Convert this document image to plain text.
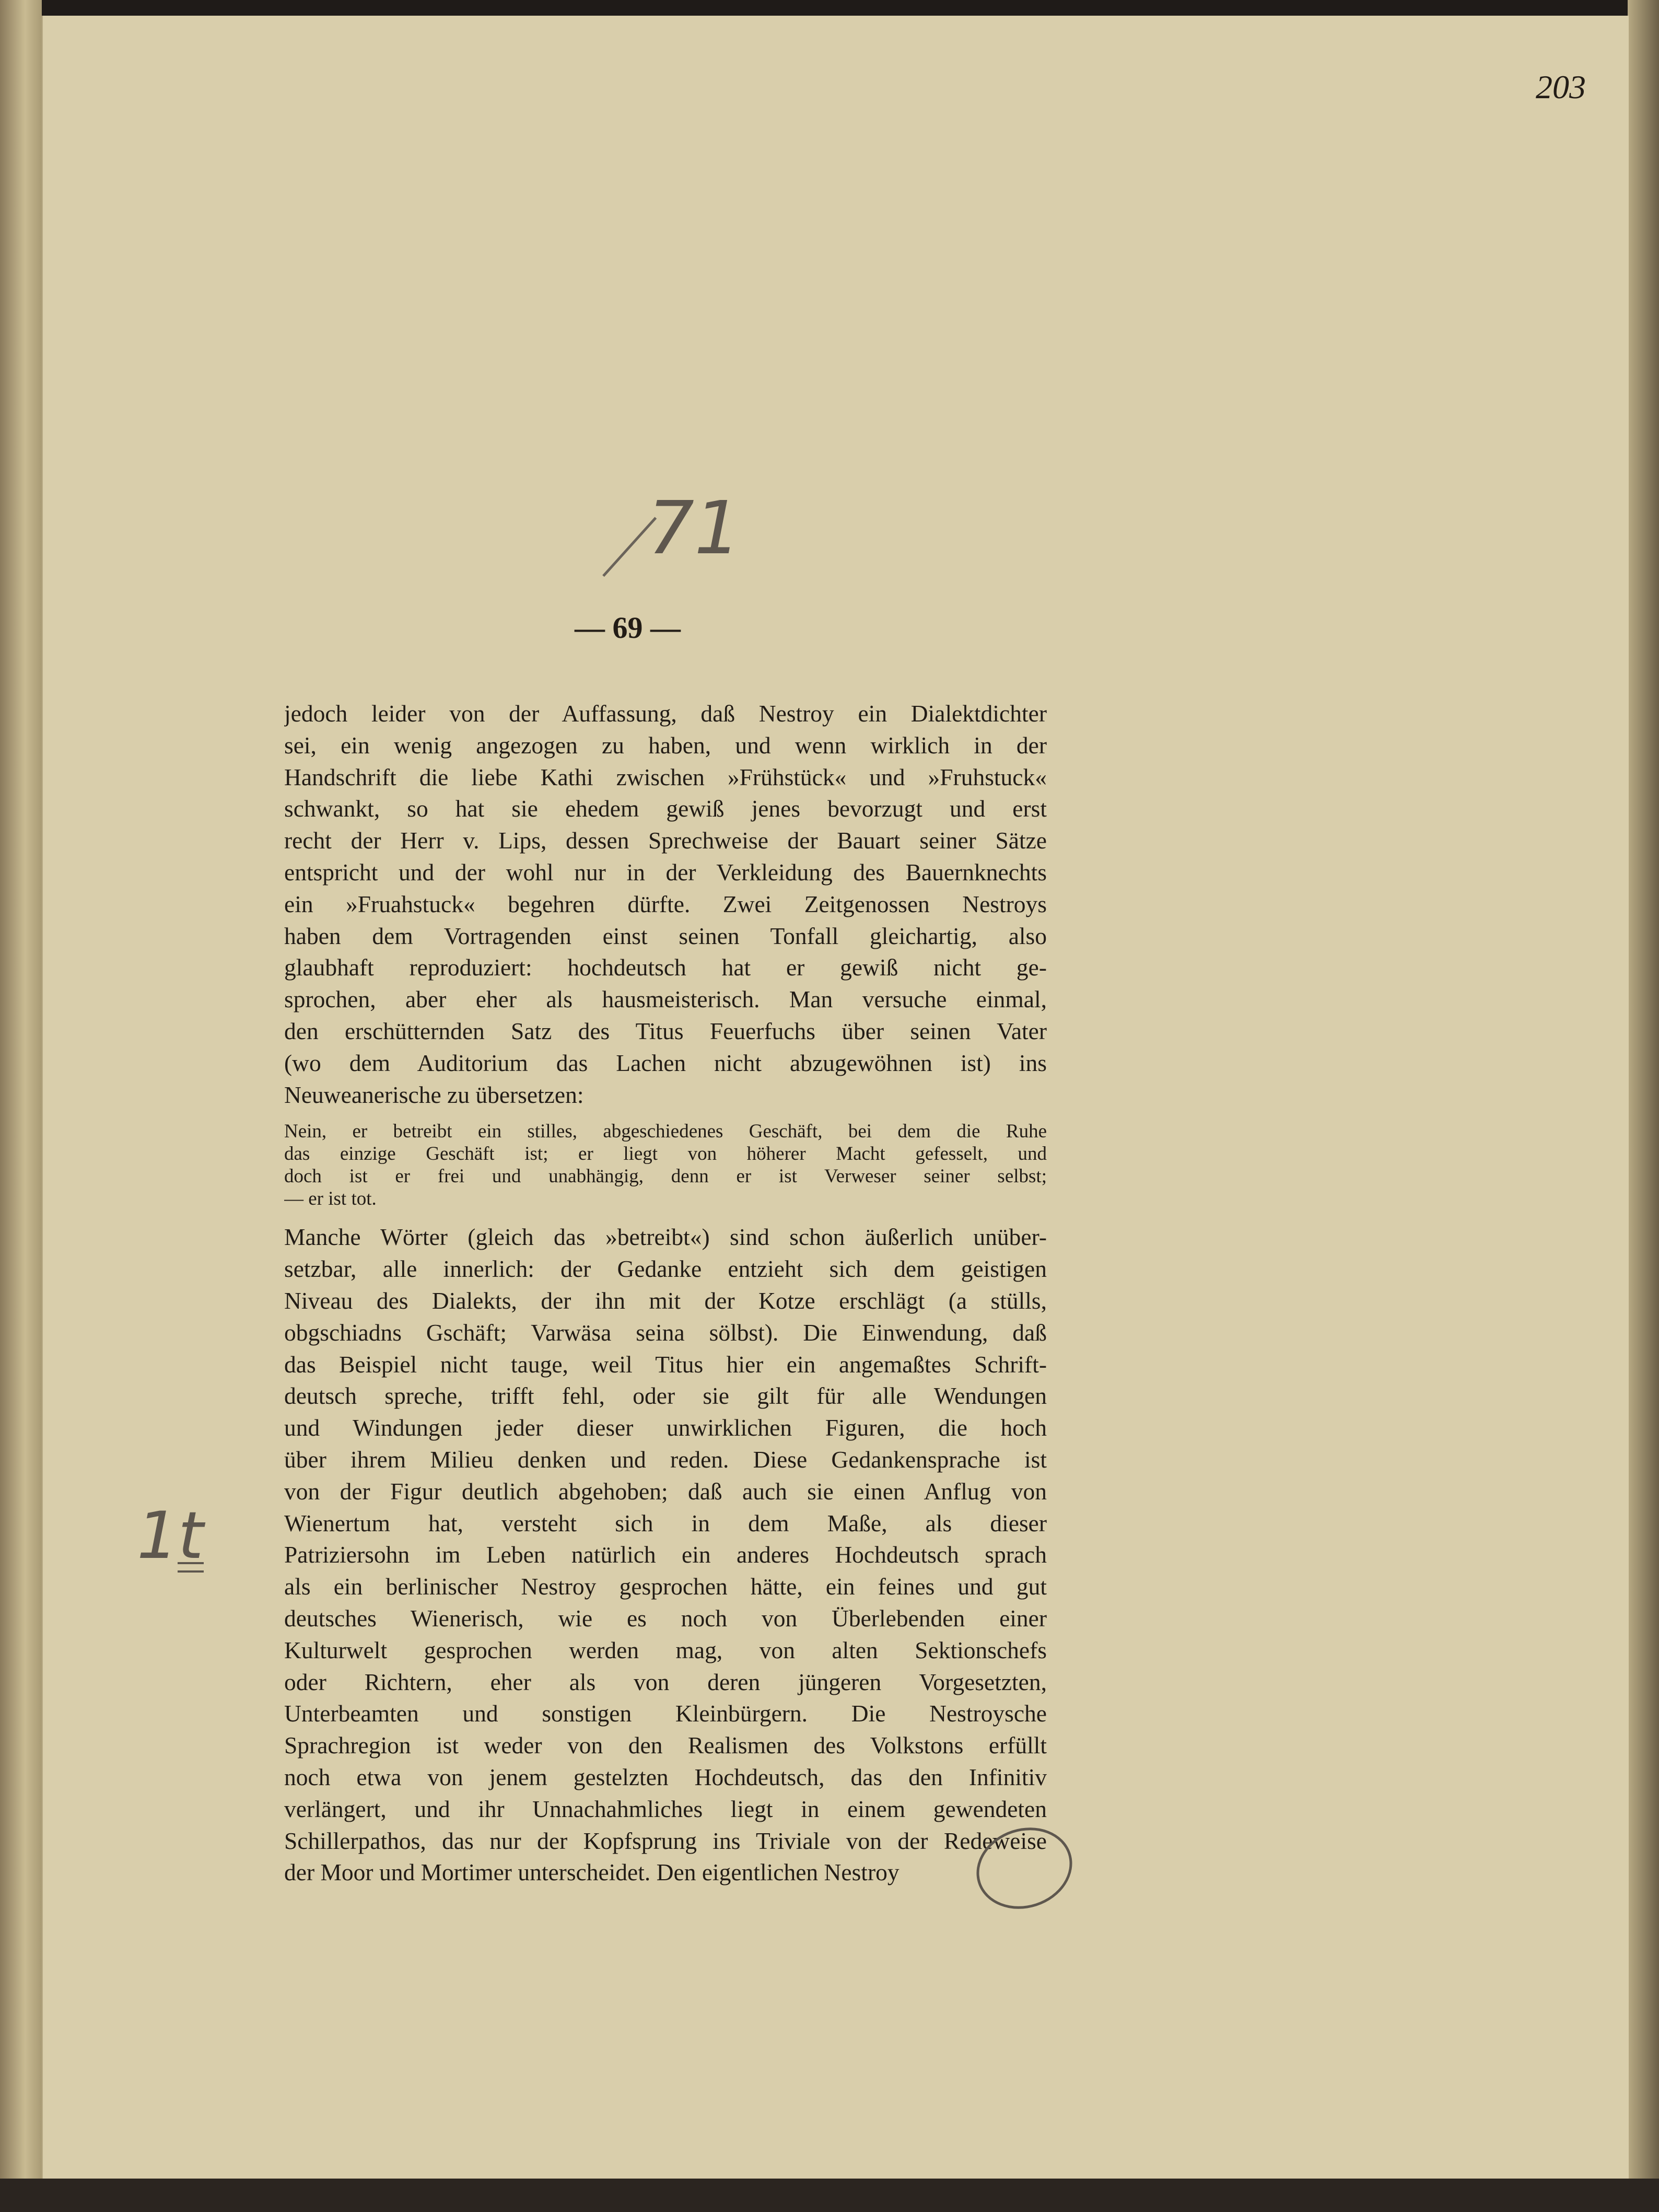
203
71
— 69 —
jedoch leider von der Auffassung, daß Nestroy ein Dialektdichter
sei, ein wenig angezogen zu haben, und wenn wirklich in der
Handschrift die liebe Kathi zwischen »Frühstück« und »Fruhstuck«
schwankt, so hat sie ehedem gewiß jenes bevorzugt und erst
recht der Herr v. Lips, dessen Sprechweise der Bauart seiner Sätze
entspricht und der wohl nur in der Verkleidung des Bauernknechts
ein »Fruahstuck« begehren dürfte. Zwei Zeitgenossen Nestroys
haben dem Vortragenden einst seinen Tonfall gleichartig, also
glaubhaft reproduziert: hochdeutsch hat er gewiß nicht ge-
sprochen, aber eher als hausmeisterisch. Man versuche einmal,
den erschütternden Satz des Titus Feuerfuchs über seinen Vater
(wo dem Auditorium das Lachen nicht abzugewöhnen ist) ins
Neuweanerische zu übersetzen:
Nein, er betreibt ein stilles, abgeschiedenes Geschäft, bei dem die Ruhe
das einzige Geschäft ist; er liegt von höherer Macht gefesselt, und
doch ist er frei und unabhängig, denn er ist Verweser seiner selbst;
— er ist tot.
Manche Wörter (gleich das »betreibt«) sind schon äußerlich unüber-
setzbar, alle innerlich: der Gedanke entzieht sich dem geistigen
Niveau des Dialekts, der ihn mit der Kotze erschlägt (a stülls,
obgschiadns Gschäft; Varwäsa seina sölbst). Die Einwendung, daß
das Beispiel nicht tauge, weil Titus hier ein angemaßtes Schrift-
deutsch spreche, trifft fehl, oder sie gilt für alle Wendungen
und Windungen jeder dieser unwirklichen Figuren, die hoch
über ihrem Milieu denken und reden. Diese Gedankensprache ist
von der Figur deutlich abgehoben; daß auch sie einen Anflug von
Wienertum hat, versteht sich in dem Maße, als dieser
Patriziersohn im Leben natürlich ein anderes Hochdeutsch sprach
als ein berlinischer Nestroy gesprochen hätte, ein feines und gut
deutsches Wienerisch, wie es noch von Überlebenden einer
Kulturwelt gesprochen werden mag, von alten Sektionschefs
oder Richtern, eher als von deren jüngeren Vorgesetzten,
Unterbeamten und sonstigen Kleinbürgern. Die Nestroysche
Sprachregion ist weder von den Realismen des Volkstons erfüllt
noch etwa von jenem gestelzten Hochdeutsch, das den Infinitiv
verlängert, und ihr Unnachahmliches liegt in einem gewendeten
Schillerpathos, das nur der Kopfsprung ins Triviale von der Redeweise
der Moor und Mortimer unterscheidet. Den eigentlichen Nestroy
1t
